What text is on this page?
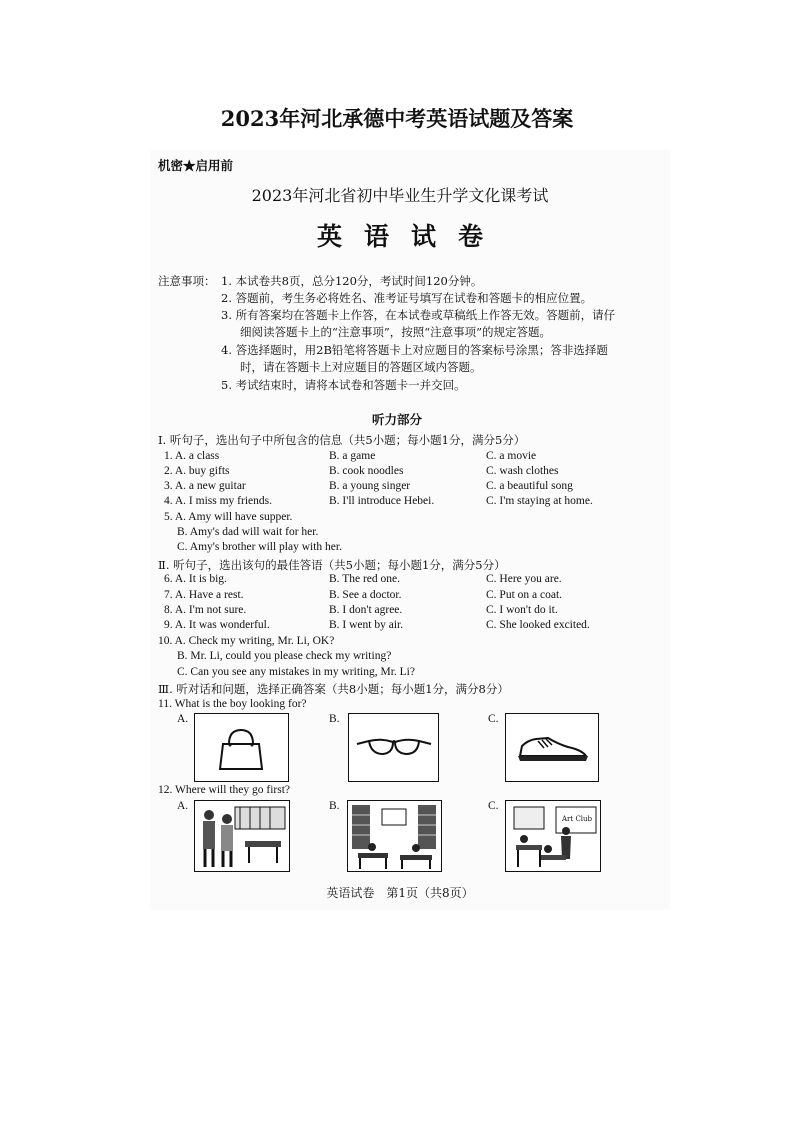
2023年河北承德中考英语试题及答案
机密★启用前
2023年河北省初中毕业生升学文化课考试
英语试卷
注意事项： 1. 本试卷共8页，总分120分，考试时间120分钟。
2. 答题前，考生务必将姓名、准考证号填写在试卷和答题卡的相应位置。
3. 所有答案均在答题卡上作答，在本试卷或草稿纸上作答无效。答题前，请仔
细阅读答题卡上的“注意事项”，按照“注意事项”的规定答题。
4. 答选择题时，用2B铅笔将答题卡上对应题目的答案标号涂黑；答非选择题
时，请在答题卡上对应题目的答题区域内答题。
5. 考试结束时，请将本试卷和答题卡一并交回。
听力部分
Ⅰ. 听句子，选出句子中所包含的信息（共5小题；每小题1分，满分5分）
1. A. a class	B. a game	C. a movie
2. A. buy gifts	B. cook noodles	C. wash clothes
3. A. a new guitar	B. a young singer	C. a beautiful song
4. A. I miss my friends.	B. I'll introduce Hebei.	C. I'm staying at home.
5. A. Amy will have supper.
B. Amy's dad will wait for her.
C. Amy's brother will play with her.
Ⅱ. 听句子，选出该句的最佳答语（共5小题；每小题1分，满分5分）
6. A. It is big.	B. The red one.	C. Here you are.
7. A. Have a rest.	B. See a doctor.	C. Put on a coat.
8. A. I'm not sure.	B. I don't agree.	C. I won't do it.
9. A. It was wonderful.	B. I went by air.	C. She looked excited.
10. A. Check my writing, Mr. Li, OK?
B. Mr. Li, could you please check my writing?
C. Can you see any mistakes in my writing, Mr. Li?
Ⅲ. 听对话和问题，选择正确答案（共8小题；每小题1分，满分8分）
11. What is the boy looking for?
A.	B.	C.
12. Where will they go first?
A.	B.	C.
Art Club
英语试卷　第1页（共8页）
